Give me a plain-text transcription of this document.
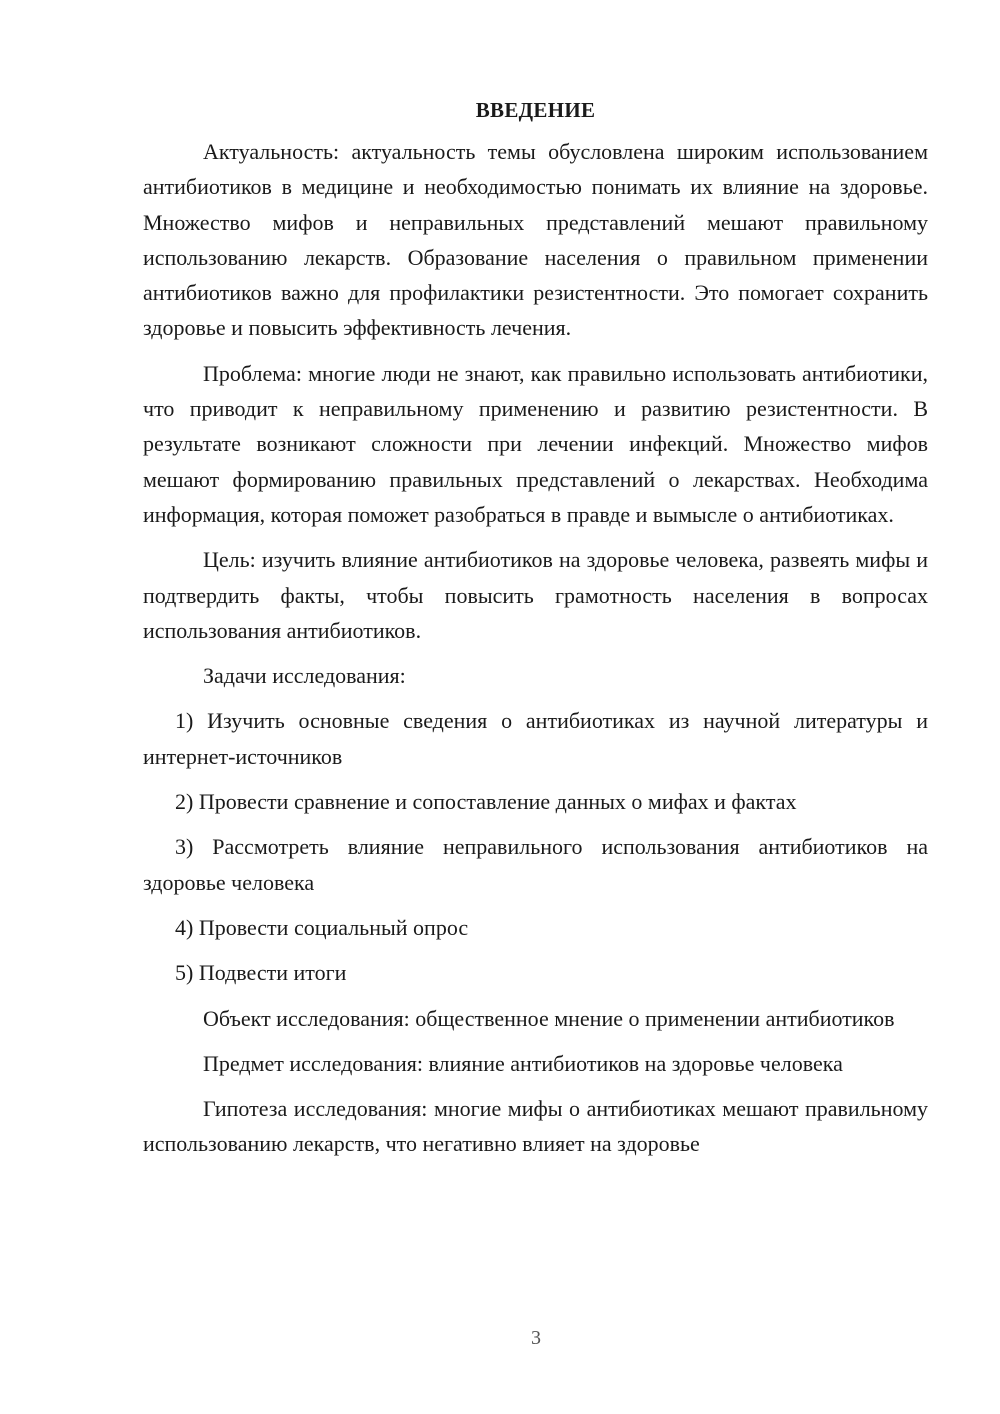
ВВЕДЕНИЕ

Актуальность: актуальность темы обусловлена широким использованием антибиотиков в медицине и необходимостью понимать их влияние на здоровье. Множество мифов и неправильных представлений мешают правильному использованию лекарств. Образование населения о правильном применении антибиотиков важно для профилактики резистентности. Это помогает сохранить здоровье и повысить эффективность лечения.

Проблема: многие люди не знают, как правильно использовать антибиотики, что приводит к неправильному применению и развитию резистентности. В результате возникают сложности при лечении инфекций. Множество мифов мешают формированию правильных представлений о лекарствах. Необходима информация, которая поможет разобраться в правде и вымысле о антибиотиках.

Цель: изучить влияние антибиотиков на здоровье человека, развеять мифы и подтвердить факты, чтобы повысить грамотность населения в вопросах использования антибиотиков.

Задачи исследования:

1) Изучить основные сведения о антибиотиках из научной литературы и интернет-источников

2) Провести сравнение и сопоставление данных о мифах и фактах

3) Рассмотреть влияние неправильного использования антибиотиков на здоровье человека

4) Провести социальный опрос

5) Подвести итоги

Объект исследования: общественное мнение о применении антибиотиков

Предмет исследования: влияние антибиотиков на здоровье человека

Гипотеза исследования: многие мифы о антибиотиках мешают правильному использованию лекарств, что негативно влияет на здоровье

3
